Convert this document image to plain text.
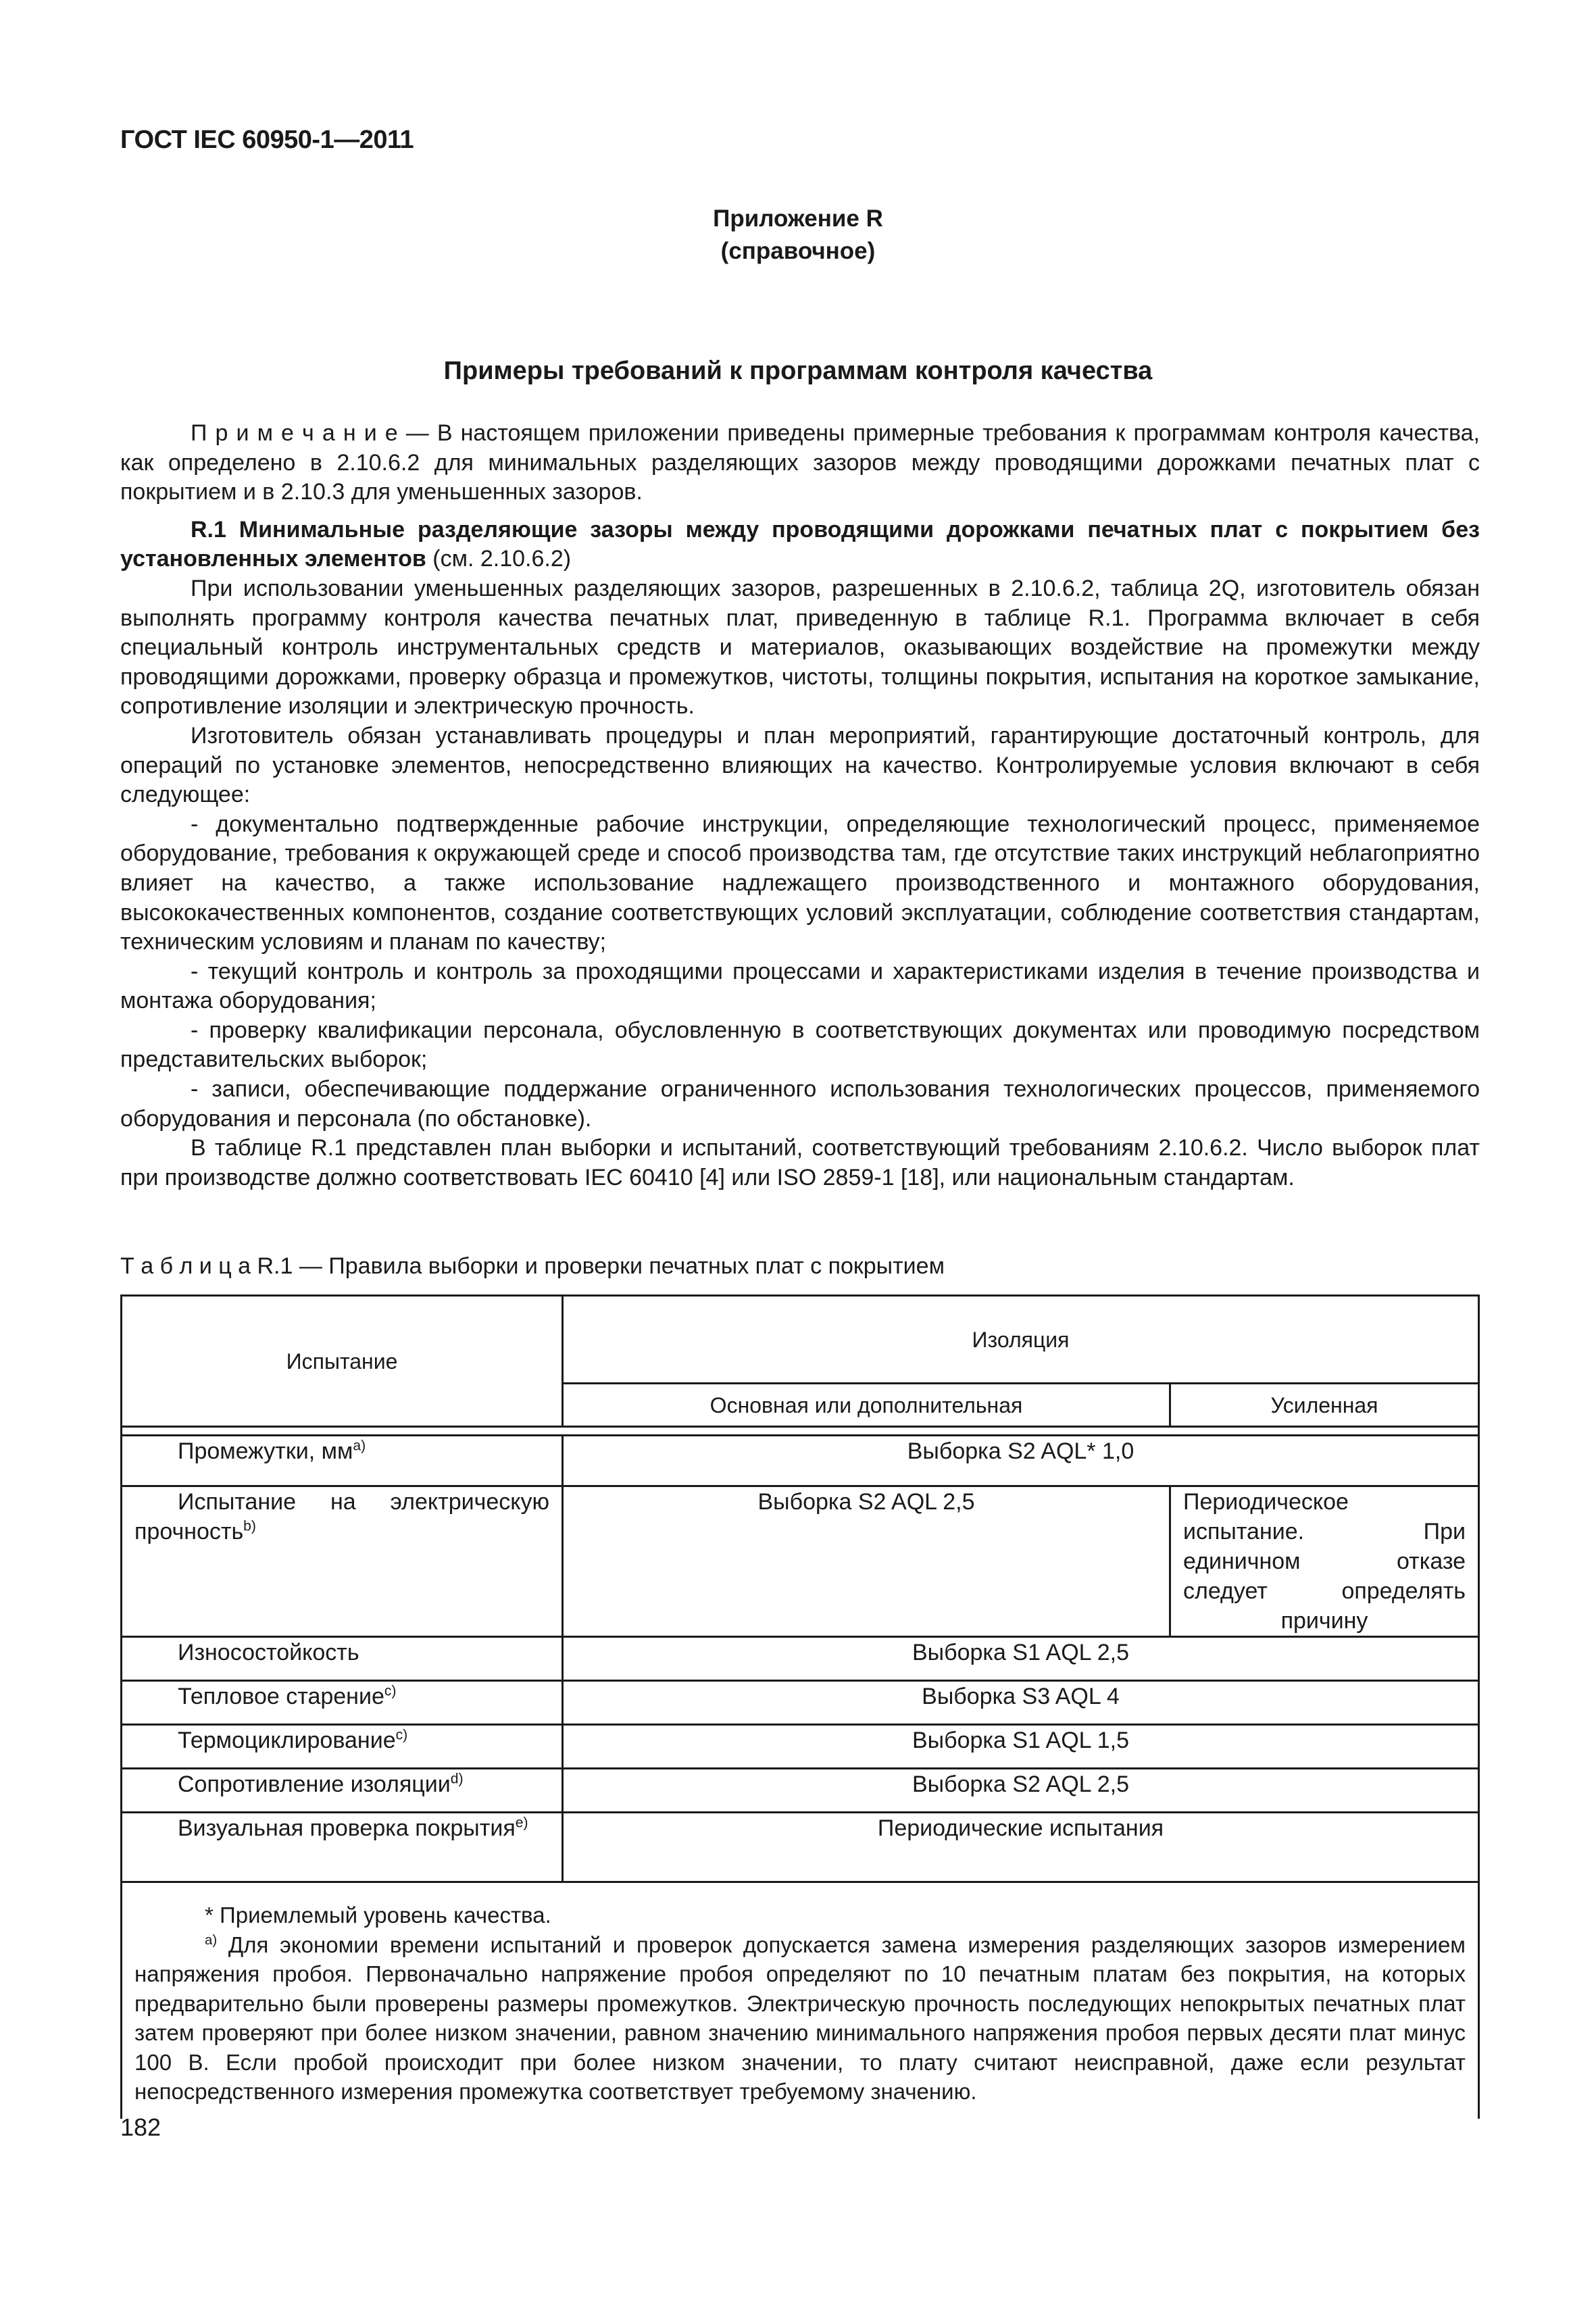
ГОСТ IEC 60950-1—2011
Приложение R
(справочное)
Примеры требований к программам контроля качества

П р и м е ч а н и е — В настоящем приложении приведены примерные требования к программам контроля качества, как определено в 2.10.6.2 для минимальных разделяющих зазоров между проводящими дорожками печатных плат с покрытием и в 2.10.3 для уменьшенных зазоров.

R.1 Минимальные разделяющие зазоры между проводящими дорожками печатных плат с покрытием без установленных элементов (см. 2.10.6.2)

При использовании уменьшенных разделяющих зазоров, разрешенных в 2.10.6.2, таблица 2Q, изготовитель обязан выполнять программу контроля качества печатных плат, приведенную в таблице R.1. Программа включает в себя специальный контроль инструментальных средств и материалов, оказывающих воздействие на промежутки между проводящими дорожками, проверку образца и промежутков, чистоты, толщины покрытия, испытания на короткое замыкание, сопротивление изоляции и электрическую прочность.

Изготовитель обязан устанавливать процедуры и план мероприятий, гарантирующие достаточный контроль, для операций по установке элементов, непосредственно влияющих на качество. Контролируемые условия включают в себя следующее:

- документально подтвержденные рабочие инструкции, определяющие технологический процесс, применяемое оборудование, требования к окружающей среде и способ производства там, где отсутствие таких инструкций неблагоприятно влияет на качество, а также использование надлежащего производственного и монтажного оборудования, высококачественных компонентов, создание соответствующих условий эксплуатации, соблюдение соответствия стандартам, техническим условиям и планам по качеству;

- текущий контроль и контроль за проходящими процессами и характеристиками изделия в течение производства и монтажа оборудования;

- проверку квалификации персонала, обусловленную в соответствующих документах или проводимую посредством представительских выборок;

- записи, обеспечивающие поддержание ограниченного использования технологических процессов, применяемого оборудования и персонала (по обстановке).

В таблице R.1 представлен план выборки и испытаний, соответствующий требованиям 2.10.6.2. Число выборок плат при производстве должно соответствовать IEC 60410 [4] или ISO 2859-1 [18], или национальным стандартам.

Т а б л и ц а R.1 — Правила выборки и проверки печатных плат с покрытием
Испытание	Изоляция	
	Основная или дополнительная	Усиленная

Промежутки, $мм^{a)}$	Выборка S2 AQL* 1,0	
Испытание на электрическую прочность$^{b)}$	Выборка S2 AQL 2,5	Периодическое испытание. При единичном отказе следует определять причину
Износостойкость	Выборка S1 AQL 2,5	
Тепловое старение$^{c)}$	Выборка S3 AQL 4	
Термоциклирование$^{c)}$	Выборка S1 AQL 1,5	
Сопротивление изоляции$^{d)}$	Выборка S2 AQL 2,5	
Визуальная проверка покрытия$^{e)}$	Периодические испытания	

* Приемлемый уровень качества.

$^{a)}$ Для экономии времени испытаний и проверок допускается замена измерения разделяющих зазоров измерением напряжения пробоя. Первоначально напряжение пробоя определяют по 10 печатным платам без покрытия, на которых предварительно были проверены размеры промежутков. Электрическую прочность последующих непокрытых печатных плат затем проверяют при более низком значении, равном значению минимального напряжения пробоя первых десяти плат минус 100 В. Если пробой происходит при более низком значении, то плату считают неисправной, даже если результат непосредственного измерения промежутка соответствует требуемому значению.		

182
